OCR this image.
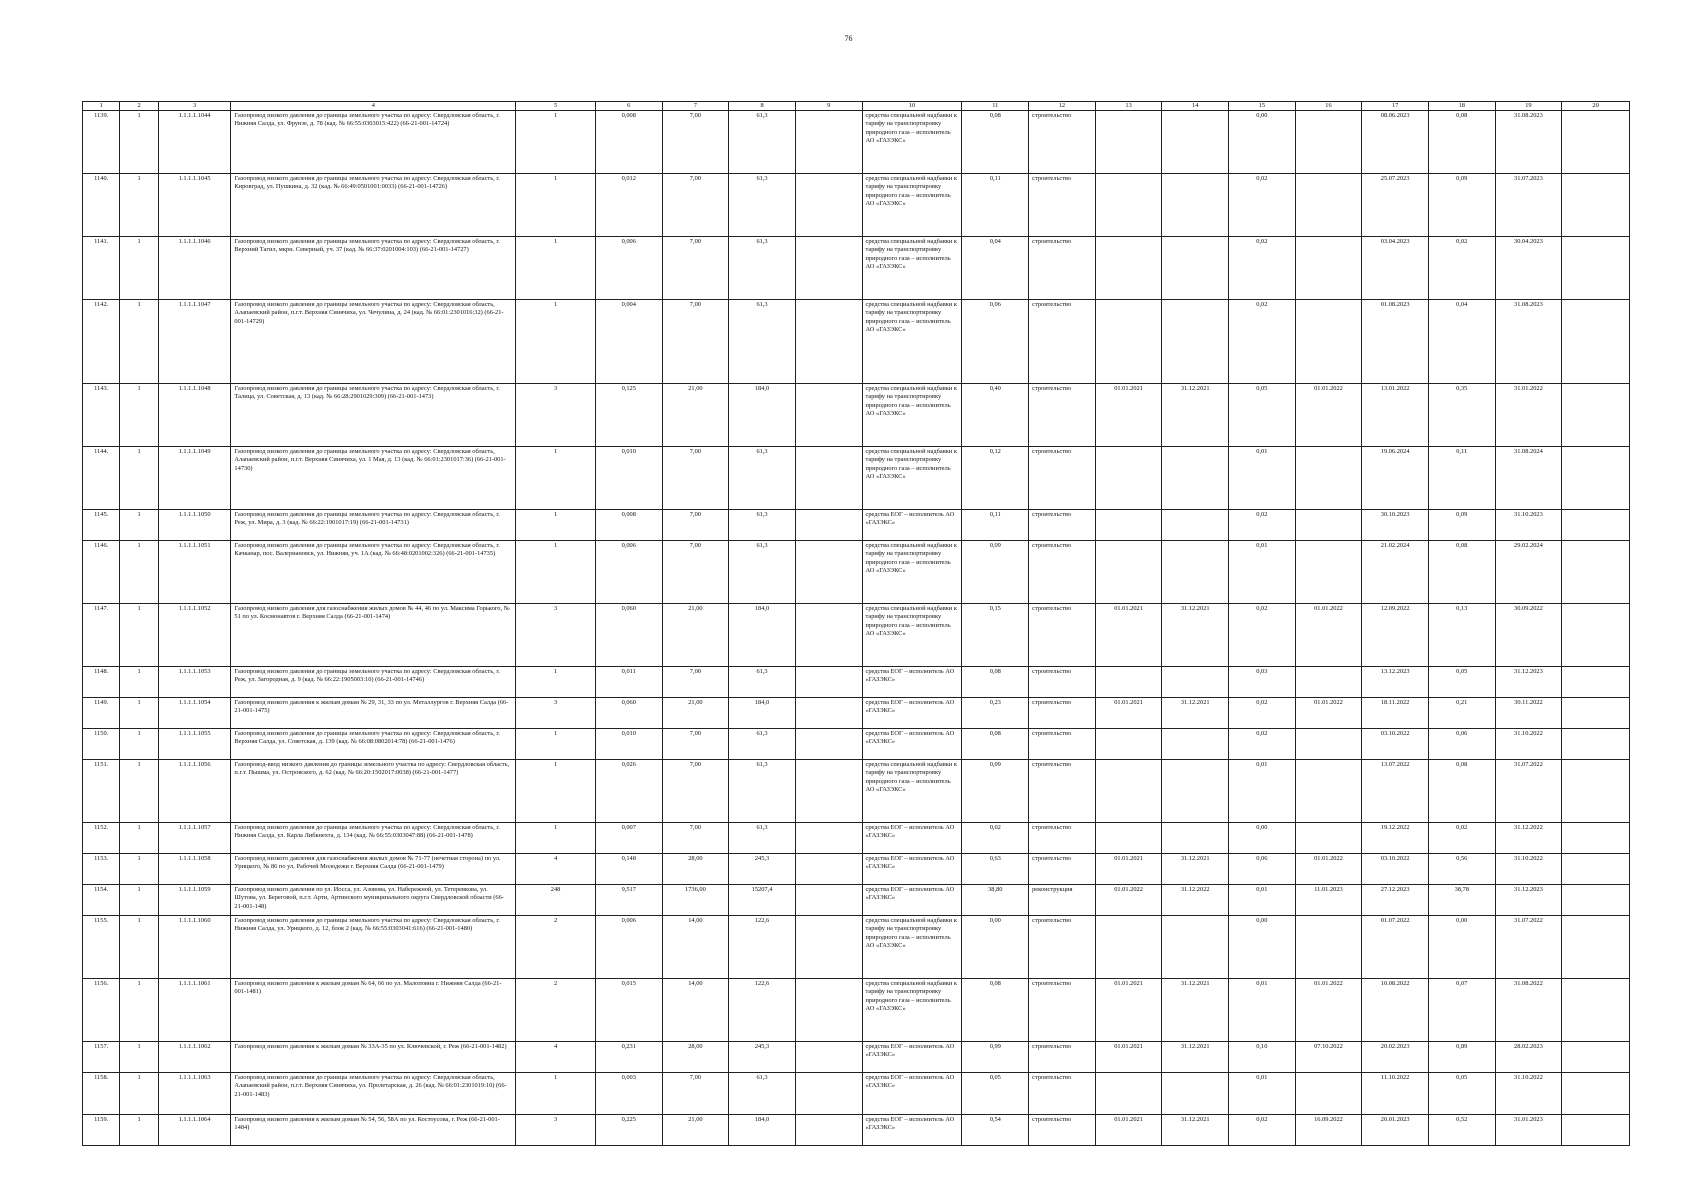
76
1	2	3	4	5	6	7	8	9	10	11	12	13	14	15	16	17	18	19	20
1139.	1	1.1.1.1.1044	Газопровод низкого давления до границы земельного участка по адресу: Свердловская область, г. Нижняя Салда, ул. Фрунзе, д. 78 (кад. № 66:55:0303015:422) (66-21-001-14724)	1	0,008	7,00	61,3		средства специальной надбавки к тарифу на транспортировку природного газа – исполнитель АО «ГАЗЭКС»	0,08	строительство			0,00		08.06.2023	0,08	31.08.2023	
1140.	1	1.1.1.1.1045	Газопровод низкого давления до границы земельного участка по адресу: Свердловская область, г. Кировград, ул. Пушкина, д. 32 (кад. № 66:49:0501001:0033) (66-21-001-14726)	1	0,012	7,00	61,3		средства специальной надбавки к тарифу на транспортировку природного газа – исполнитель АО «ГАЗЭКС»	0,11	строительство			0,02		25.07.2023	0,09	31.07.2023	
1141.	1	1.1.1.1.1046	Газопровод низкого давления до границы земельного участка по адресу: Свердловская область, г. Верхний Тагил, мкрн. Северный, уч. 37 (кад. № 66:37:0201004:103) (66-21-001-14727)	1	0,006	7,00	61,3		средства специальной надбавки к тарифу на транспортировку природного газа – исполнитель АО «ГАЗЭКС»	0,04	строительство			0,02		03.04.2023	0,02	30.04.2023	
1142.	1	1.1.1.1.1047	Газопровод низкого давления до границы земельного участка по адресу: Свердловская область, Алапаевский район, п.г.т. Верхняя Синячиха, ул. Чечулина, д. 24 (кад. № 66:01:2301016:32) (66-21-001-14729)	1	0,004	7,00	61,3		средства специальной надбавки к тарифу на транспортировку природного газа – исполнитель АО «ГАЗЭКС»	0,06	строительство			0,02		01.08.2023	0,04	31.08.2023	
1143.	1	1.1.1.1.1048	Газопровод низкого давления до границы земельного участка по адресу: Свердловская область, г. Талица, ул. Советская, д. 13 (кад. № 66:28:2901029:309) (66-21-001-1473)	3	0,125	21,00	184,0		средства специальной надбавки к тарифу на транспортировку природного газа – исполнитель АО «ГАЗЭКС»	0,40	строительство	01.01.2021	31.12.2021	0,05	01.01.2022	13.01.2022	0,35	31.01.2022	
1144.	1	1.1.1.1.1049	Газопровод низкого давления до границы земельного участка по адресу: Свердловская область, Алапаевский район, п.г.т. Верхняя Синячиха, ул. 1 Мая, д. 13 (кад. № 66:01:2301017:36) (66-21-001-14730)	1	0,010	7,00	61,3		средства специальной надбавки к тарифу на транспортировку природного газа – исполнитель АО «ГАЗЭКС»	0,12	строительство			0,01		19.06.2024	0,11	31.08.2024	
1145.	1	1.1.1.1.1050	Газопровод низкого давления до границы земельного участка по адресу: Свердловская область, г. Реж, ул. Мира, д. 3 (кад. № 66:22:1901017:19) (66-21-001-14731)	1	0,008	7,00	61,3		средства ЕОГ – исполнитель АО «ГАЗЭКС»	0,11	строительство			0,02		30.10.2023	0,09	31.10.2023	
1146.	1	1.1.1.1.1051	Газопровод низкого давления до границы земельного участка по адресу: Свердловская область, г. Качканар, пос. Валериановск, ул. Нижняя, уч. 1А (кад. № 66:48:0201002:326) (66-21-001-14735)	1	0,006	7,00	61,3		средства специальной надбавки к тарифу на транспортировку природного газа – исполнитель АО «ГАЗЭКС»	0,09	строительство			0,01		21.02.2024	0,08	29.02.2024	
1147.	1	1.1.1.1.1052	Газопровод низкого давления для газоснабжения жилых домов № 44, 46 по ул. Максима Горького, № 51 по ул. Космонавтов г. Верхняя Салда (66-21-001-1474)	3	0,060	21,00	184,0		средства специальной надбавки к тарифу на транспортировку природного газа – исполнитель АО «ГАЗЭКС»	0,15	строительство	01.01.2021	31.12.2021	0,02	01.01.2022	12.09.2022	0,13	30.09.2022	
1148.	1	1.1.1.1.1053	Газопровод низкого давления до границы земельного участка по адресу: Свердловская область, г. Реж, ул. Загородная, д. 9 (кад. № 66:22:1905003:10) (66-21-001-14746)	1	0,011	7,00	61,3		средства ЕОГ – исполнитель АО «ГАЗЭКС»	0,08	строительство			0,03		13.12.2023	0,05	31.12.2023	
1149.	1	1.1.1.1.1054	Газопровод низкого давления к жилым домам № 29, 31, 33 по ул. Металлургов г. Верхняя Салда (66-21-001-1475)	3	0,060	21,00	184,0		средства ЕОГ – исполнитель АО «ГАЗЭКС»	0,23	строительство	01.01.2021	31.12.2021	0,02	01.01.2022	18.11.2022	0,21	30.11.2022	
1150.	1	1.1.1.1.1055	Газопровод низкого давления до границы земельного участка по адресу: Свердловская область, г. Верхняя Салда, ул. Советская, д. 139 (кад. № 66:08:0802014:78) (66-21-001-1476)	1	0,010	7,00	61,3		средства ЕОГ – исполнитель АО «ГАЗЭКС»	0,08	строительство			0,02		03.10.2022	0,06	31.10.2022	
1151.	1	1.1.1.1.1056	Газопровод-ввод низкого давления до границы земельного участка по адресу: Свердловская область, п.г.т. Пышма, ул. Островского, д. 62 (кад. № 66:20:1502017:0038) (66-21-001-1477)	1	0,026	7,00	61,3		средства специальной надбавки к тарифу на транспортировку природного газа – исполнитель АО «ГАЗЭКС»	0,09	строительство			0,01		13.07.2022	0,08	31.07.2022	
1152.	1	1.1.1.1.1057	Газопровод низкого давления до границы земельного участка по адресу: Свердловская область, г. Нижняя Салда, ул. Карла Либкнехта, д. 134 (кад. № 66:55:0303047:88) (66-21-001-1478)	1	0,007	7,00	61,3		средства ЕОГ – исполнитель АО «ГАЗЭКС»	0,02	строительство			0,00		19.12.2022	0,02	31.12.2022	
1153.	1	1.1.1.1.1058	Газопровод низкого давления для газоснабжения жилых домов № 71-77 (нечетная сторона) по ул. Урицкого, № 86 по ул. Рабочей Молодежи г. Верхняя Салда (66-21-001-1479)	4	0,148	28,00	245,3		средства ЕОГ – исполнитель АО «ГАЗЭКС»	0,63	строительство	01.01.2021	31.12.2021	0,06	01.01.2022	03.10.2022	0,56	31.10.2022	
1154.	1	1.1.1.1.1059	Газопровод низкого давления по ул. Иосса, ул. Азовова, ул. Набережной, ул. Тетеревкова, ул. Шутова, ул. Береговой, п.г.т. Арти, Артинского муниципального округа Свердловской области (66-21-001-148)	248	9,517	1736,00	15207,4		средства ЕОГ – исполнитель АО «ГАЗЭКС»	38,80	реконструкция	01.01.2022	31.12.2022	0,01	11.01.2023	27.12.2023	38,78	31.12.2023	
1155.	1	1.1.1.1.1060	Газопровод низкого давления до границы земельного участка по адресу: Свердловская область, г. Нижняя Салда, ул. Урицкого, д. 12, блок 2 (кад. № 66:55:0303041:616) (66-21-001-1480)	2	0,006	14,00	122,6		средства специальной надбавки к тарифу на транспортировку природного газа – исполнитель АО «ГАЗЭКС»	0,00	строительство			0,00		01.07.2022	0,00	31.07.2022	
1156.	1	1.1.1.1.1061	Газопровод низкого давления к жилым домам № 64, 66 по ул. Малоповна г. Нижняя Салда (66-21-001-1481)	2	0,015	14,00	122,6		средства специальной надбавки к тарифу на транспортировку природного газа – исполнитель АО «ГАЗЭКС»	0,08	строительство	01.01.2021	31.12.2021	0,01	01.01.2022	10.08.2022	0,07	31.08.2022	
1157.	1	1.1.1.1.1062	Газопровод низкого давления к жилым домам № 33А-35 по ул. Ключевской, г. Реж (66-21-001-1482)	4	0,231	28,00	245,3		средства ЕОГ – исполнитель АО «ГАЗЭКС»	0,99	строительство	01.01.2021	31.12.2021	0,10	07.10.2022	20.02.2023	0,89	28.02.2023	
1158.	1	1.1.1.1.1063	Газопровод низкого давления до границы земельного участка по адресу: Свердловская область, Алапаевский район, п.г.т. Верхняя Синячиха, ул. Пролетарская, д. 26 (кад. № 66:01:2301019:10) (66-21-001-1483)	1	0,003	7,00	61,3		средства ЕОГ – исполнитель АО «ГАЗЭКС»	0,05	строительство			0,01		11.10.2022	0,05	31.10.2022	
1159.	1	1.1.1.1.1064	Газопровод низкого давления к жилым домам № 54, 56, 58А по ул. Костоусова, г. Реж (66-21-001-1484)	3	0,225	21,00	184,0		средства ЕОГ – исполнитель АО «ГАЗЭКС»	0,54	строительство	01.01.2021	31.12.2021	0,02	16.09.2022	20.01.2023	0,52	31.01.2023	
